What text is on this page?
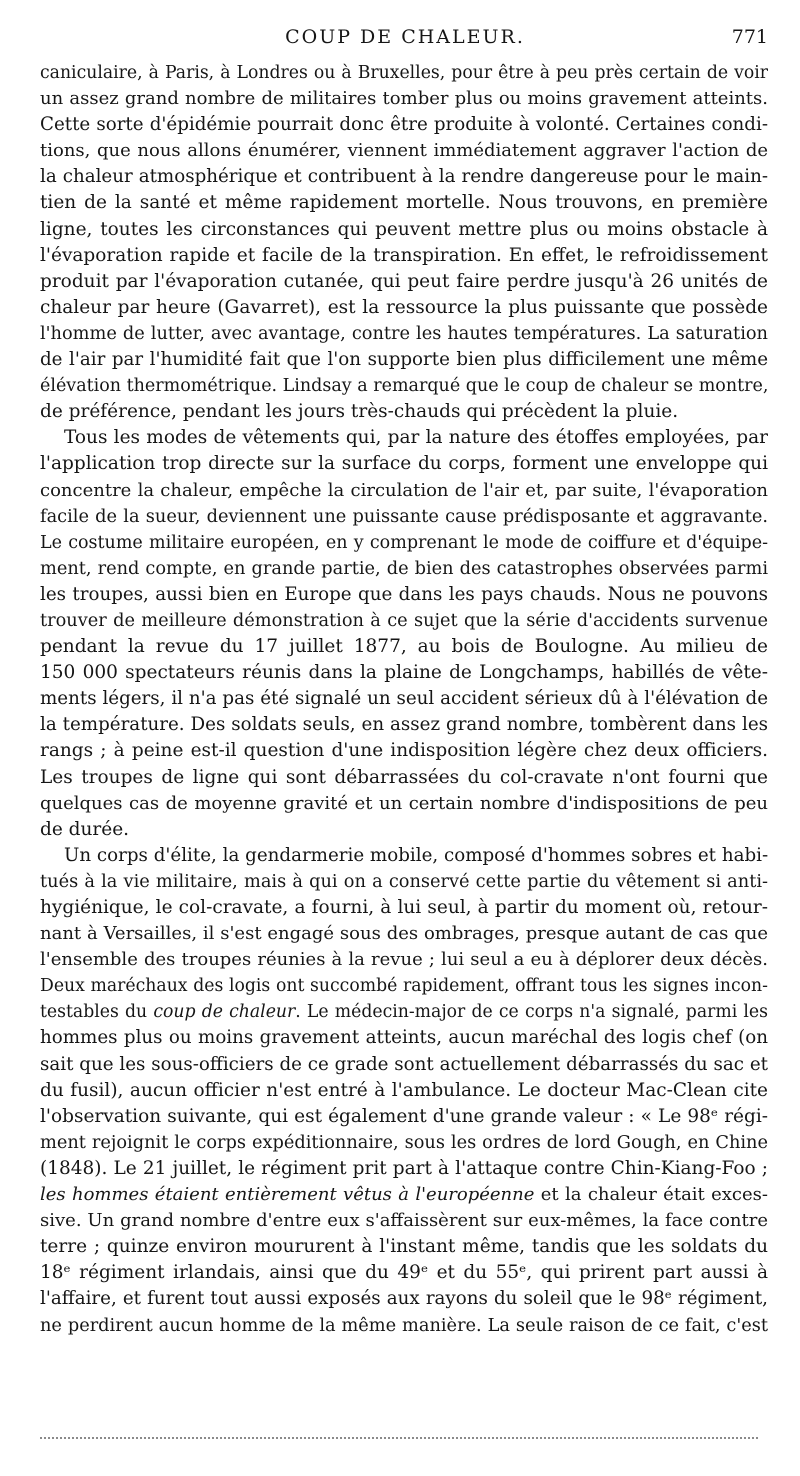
COUP DE CHALEUR.	771
caniculaire, à Paris, à Londres ou à Bruxelles, pour être à peu près certain de voir
un assez grand nombre de militaires tomber plus ou moins gravement atteints.
Cette sorte d'épidémie pourrait donc être produite à volonté. Certaines condi-
tions, que nous allons énumérer, viennent immédiatement aggraver l'action de
la chaleur atmosphérique et contribuent à la rendre dangereuse pour le main-
tien de la santé et même rapidement mortelle. Nous trouvons, en première
ligne, toutes les circonstances qui peuvent mettre plus ou moins obstacle à
l'évaporation rapide et facile de la transpiration. En effet, le refroidissement
produit par l'évaporation cutanée, qui peut faire perdre jusqu'à 26 unités de
chaleur par heure (Gavarret), est la ressource la plus puissante que possède
l'homme de lutter, avec avantage, contre les hautes températures. La saturation
de l'air par l'humidité fait que l'on supporte bien plus difficilement une même
élévation thermométrique. Lindsay a remarqué que le coup de chaleur se montre,
de préférence, pendant les jours très-chauds qui précèdent la pluie.
Tous les modes de vêtements qui, par la nature des étoffes employées, par
l'application trop directe sur la surface du corps, forment une enveloppe qui
concentre la chaleur, empêche la circulation de l'air et, par suite, l'évaporation
facile de la sueur, deviennent une puissante cause prédisposante et aggravante.
Le costume militaire européen, en y comprenant le mode de coiffure et d'équipe-
ment, rend compte, en grande partie, de bien des catastrophes observées parmi
les troupes, aussi bien en Europe que dans les pays chauds. Nous ne pouvons
trouver de meilleure démonstration à ce sujet que la série d'accidents survenue
pendant la revue du 17 juillet 1877, au bois de Boulogne. Au milieu de
150 000 spectateurs réunis dans la plaine de Longchamps, habillés de vête-
ments légers, il n'a pas été signalé un seul accident sérieux dû à l'élévation de
la température. Des soldats seuls, en assez grand nombre, tombèrent dans les
rangs ; à peine est-il question d'une indisposition légère chez deux officiers.
Les troupes de ligne qui sont débarrassées du col-cravate n'ont fourni que
quelques cas de moyenne gravité et un certain nombre d'indispositions de peu
de durée.
Un corps d'élite, la gendarmerie mobile, composé d'hommes sobres et habi-
tués à la vie militaire, mais à qui on a conservé cette partie du vêtement si anti-
hygiénique, le col-cravate, a fourni, à lui seul, à partir du moment où, retour-
nant à Versailles, il s'est engagé sous des ombrages, presque autant de cas que
l'ensemble des troupes réunies à la revue ; lui seul a eu à déplorer deux décès.
Deux maréchaux des logis ont succombé rapidement, offrant tous les signes incon-
testables du coup de chaleur. Le médecin-major de ce corps n'a signalé, parmi les
hommes plus ou moins gravement atteints, aucun maréchal des logis chef (on
sait que les sous-officiers de ce grade sont actuellement débarrassés du sac et
du fusil), aucun officier n'est entré à l'ambulance. Le docteur Mac-Clean cite
l'observation suivante, qui est également d'une grande valeur : « Le 98ᵉ régi-
ment rejoignit le corps expéditionnaire, sous les ordres de lord Gough, en Chine
(1848). Le 21 juillet, le régiment prit part à l'attaque contre Chin-Kiang-Foo ;
les hommes étaient entièrement vêtus à l'européenne et la chaleur était exces-
sive. Un grand nombre d'entre eux s'affaissèrent sur eux-mêmes, la face contre
terre ; quinze environ moururent à l'instant même, tandis que les soldats du
18ᵉ régiment irlandais, ainsi que du 49ᵉ et du 55ᵉ, qui prirent part aussi à
l'affaire, et furent tout aussi exposés aux rayons du soleil que le 98ᵉ régiment,
ne perdirent aucun homme de la même manière. La seule raison de ce fait, c'est
